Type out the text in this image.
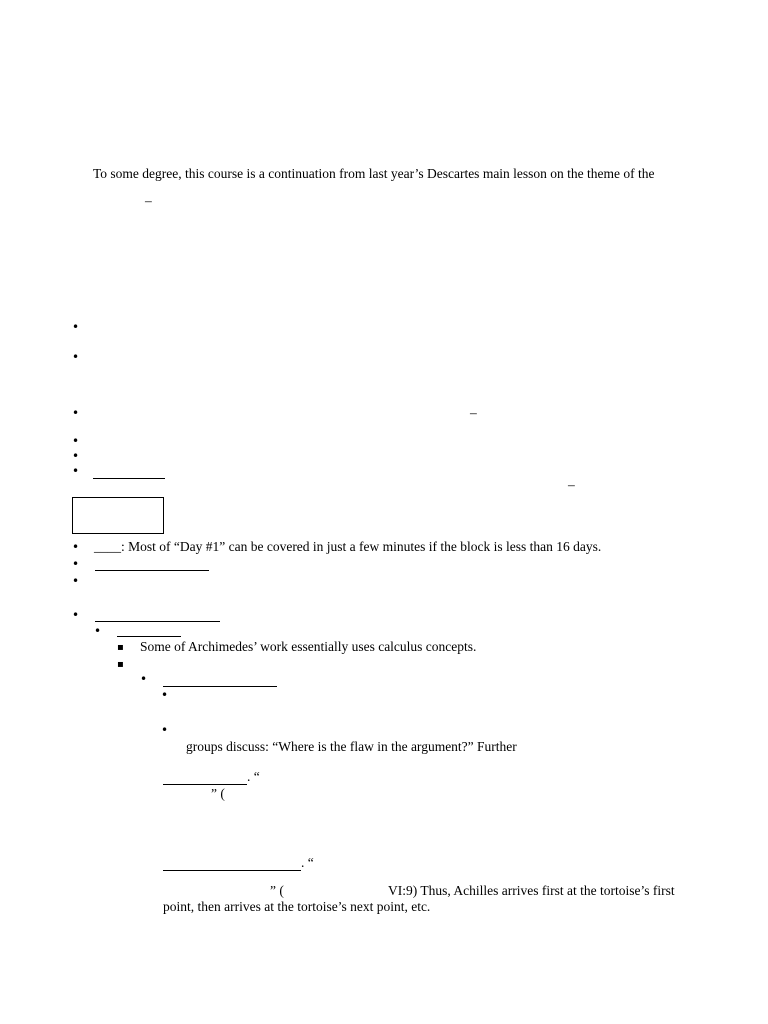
To some degree, this course is a continuation from last year’s Descartes main lesson on the theme of the
–
•
•
•	–
•
•
•
–
• ____: Most of “Day #1” can be covered in just a few minutes if the block is less than 16 days.
•
•
•
•
▪ Some of Archimedes’ work essentially uses calculus concepts.
▪
•
•
•
groups discuss: “Where is the flaw in the argument?” Further
. “
” (
. “
” (	VI:9) Thus, Achilles arrives first at the tortoise’s first
point, then arrives at the tortoise’s next point, etc.
